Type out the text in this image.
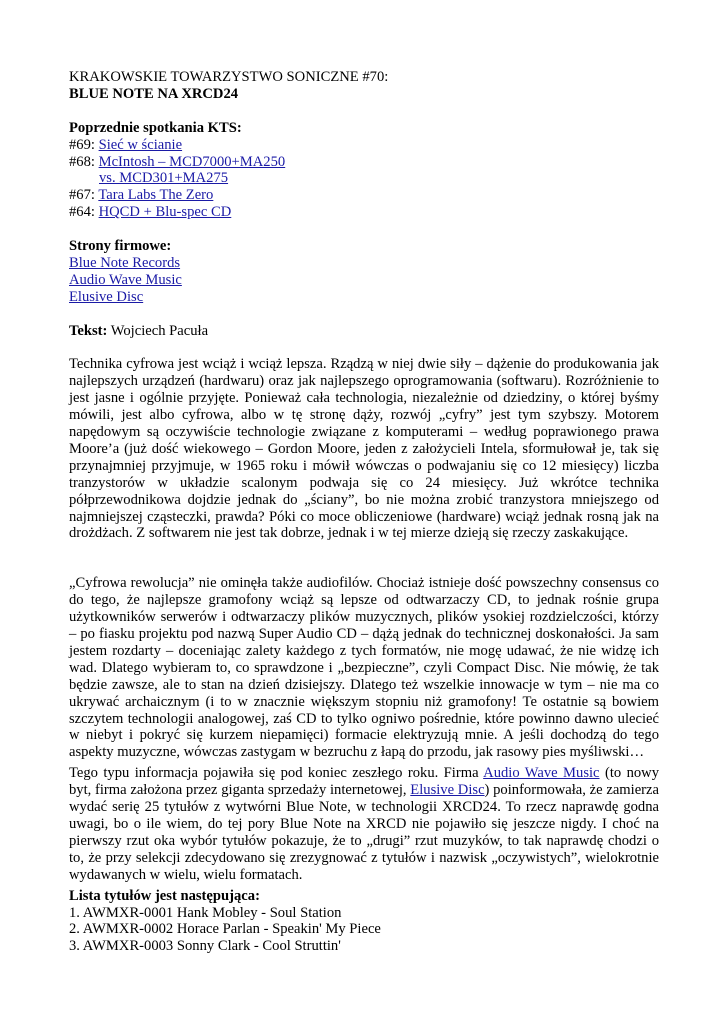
KRAKOWSKIE TOWARZYSTWO SONICZNE #70:
BLUE NOTE NA XRCD24
Poprzednie spotkania KTS:
#69: Sieć w ścianie
#68: McIntosh – MCD7000+MA250
vs. MCD301+MA275
#67: Tara Labs The Zero
#64: HQCD + Blu-spec CD
Strony firmowe:
Blue Note Records
Audio Wave Music
Elusive Disc
Tekst: Wojciech Pacuła

Technika cyfrowa jest wciąż i wciąż lepsza. Rządzą w niej dwie siły – dążenie do produkowania jak najlepszych urządzeń (hardwaru) oraz jak najlepszego oprogramowania (softwaru). Rozróżnienie to jest jasne i ogólnie przyjęte. Ponieważ cała technologia, niezależnie od dziedziny, o której byśmy mówili, jest albo cyfrowa, albo w tę stronę dąży, rozwój „cyfry” jest tym szybszy. Motorem napędowym są oczywiście technologie związane z komputerami – według poprawionego prawa Moore’a (już dość wiekowego – Gordon Moore, jeden z założycieli Intela, sformułował je, tak się przynajmniej przyjmuje, w 1965 roku i mówił wówczas o podwajaniu się co 12 miesięcy) liczba tranzystorów w układzie scalonym podwaja się co 24 miesięcy. Już wkrótce technika półprzewodnikowa dojdzie jednak do „ściany”, bo nie można zrobić tranzystora mniejszego od najmniejszej cząsteczki, prawda? Póki co moce obliczeniowe (hardware) wciąż jednak rosną jak na drożdżach. Z softwarem nie jest tak dobrze, jednak i w tej mierze dzieją się rzeczy zaskakujące.

„Cyfrowa rewolucja” nie ominęła także audiofilów. Chociaż istnieje dość powszechny consensus co do tego, że najlepsze gramofony wciąż są lepsze od odtwarzaczy CD, to jednak rośnie grupa użytkowników serwerów i odtwarzaczy plików muzycznych, plików ysokiej rozdzielczości, którzy – po fiasku projektu pod nazwą Super Audio CD – dążą jednak do technicznej doskonałości. Ja sam jestem rozdarty – doceniając zalety każdego z tych formatów, nie mogę udawać, że nie widzę ich wad. Dlatego wybieram to, co sprawdzone i „bezpieczne”, czyli Compact Disc. Nie mówię, że tak będzie zawsze, ale to stan na dzień dzisiejszy. Dlatego też wszelkie innowacje w tym – nie ma co ukrywać archaicznym (i to w znacznie większym stopniu niż gramofony! Te ostatnie są bowiem szczytem technologii analogowej, zaś CD to tylko ogniwo pośrednie, które powinno dawno ulecieć w niebyt i pokryć się kurzem niepamięci) formacie elektryzują mnie. A jeśli dochodzą do tego aspekty muzyczne, wówczas zastygam w bezruchu z łapą do przodu, jak rasowy pies myśliwski…

Tego typu informacja pojawiła się pod koniec zeszłego roku. Firma Audio Wave Music (to nowy byt, firma założona przez giganta sprzedaży internetowej, Elusive Disc) poinformowała, że zamierza wydać serię 25 tytułów z wytwórni Blue Note, w technologii XRCD24. To rzecz naprawdę godna uwagi, bo o ile wiem, do tej pory Blue Note na XRCD nie pojawiło się jeszcze nigdy. I choć na pierwszy rzut oka wybór tytułów pokazuje, że to „drugi” rzut muzyków, to tak naprawdę chodzi o to, że przy selekcji zdecydowano się zrezygnować z tytułów i nazwisk „oczywistych”, wielokrotnie wydawanych w wielu, wielu formatach.

Lista tytułów jest następująca:
1. AWMXR-0001 Hank Mobley - Soul Station
2. AWMXR-0002 Horace Parlan - Speakin' My Piece
3. AWMXR-0003 Sonny Clark - Cool Struttin'
